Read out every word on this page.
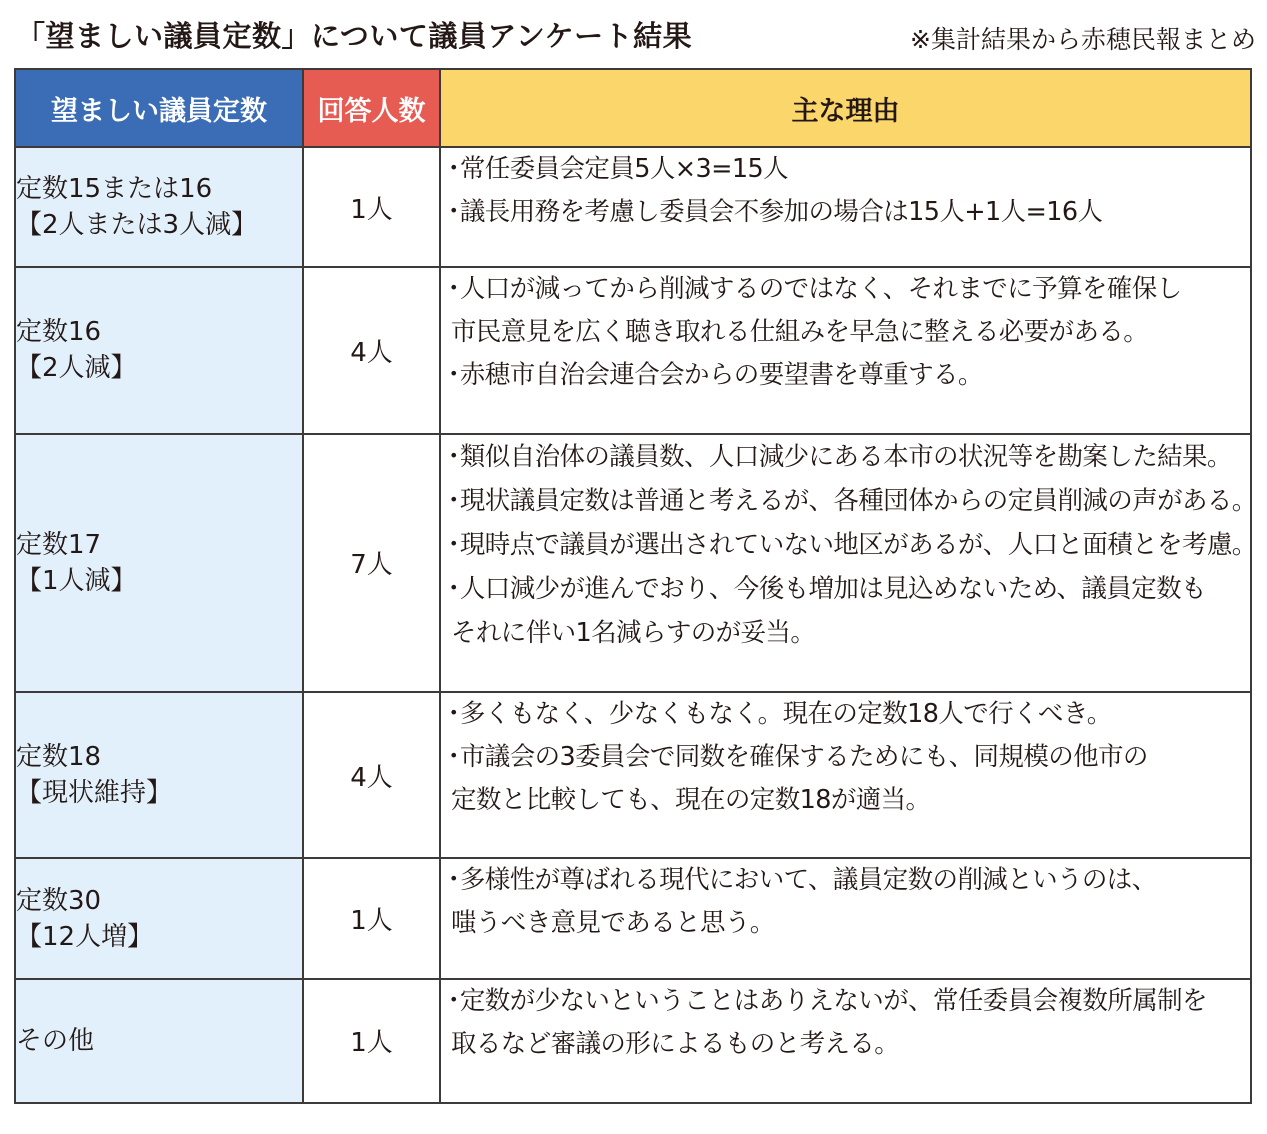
「望ましい議員定数」について議員アンケート結果	※集計結果から赤穂民報まとめ
望ましい議員定数	回答人数	主な理由

定数15または16
【2人または3人減】	1人	・ 常任委員会定員5人×3=15人
・ 議長用務を考慮し委員会不参加の場合は15人+1人=16人

定数16
【2人減】	4人	・ 人口が減ってから削減するのではなく、それまでに予算を確保し
市民意見を広く聴き取れる仕組みを早急に整える必要がある。
・ 赤穂市自治会連合会からの要望書を尊重する。

定数17
【1人減】	7人	・ 類似自治体の議員数、人口減少にある本市の状況等を勘案した結果。
・ 現状議員定数は普通と考えるが、各種団体からの定員削減の声がある。
・ 現時点で議員が選出されていない地区があるが、人口と面積とを考慮。
・ 人口減少が進んでおり、今後も増加は見込めないため、議員定数も
それに伴い1名減らすのが妥当。

定数18
【現状維持】	4人	・ 多くもなく、少なくもなく。現在の定数18人で行くべき。
・ 市議会の3委員会で同数を確保するためにも、同規模の他市の
定数と比較しても、現在の定数18が適当。

定数30
【12人増】	1人	・ 多様性が尊ばれる現代において、議員定数の削減というのは、
嗤うべき意見であると思う。

その他	1人	・ 定数が少ないということはありえないが、常任委員会複数所属制を
取るなど審議の形によるものと考える。
